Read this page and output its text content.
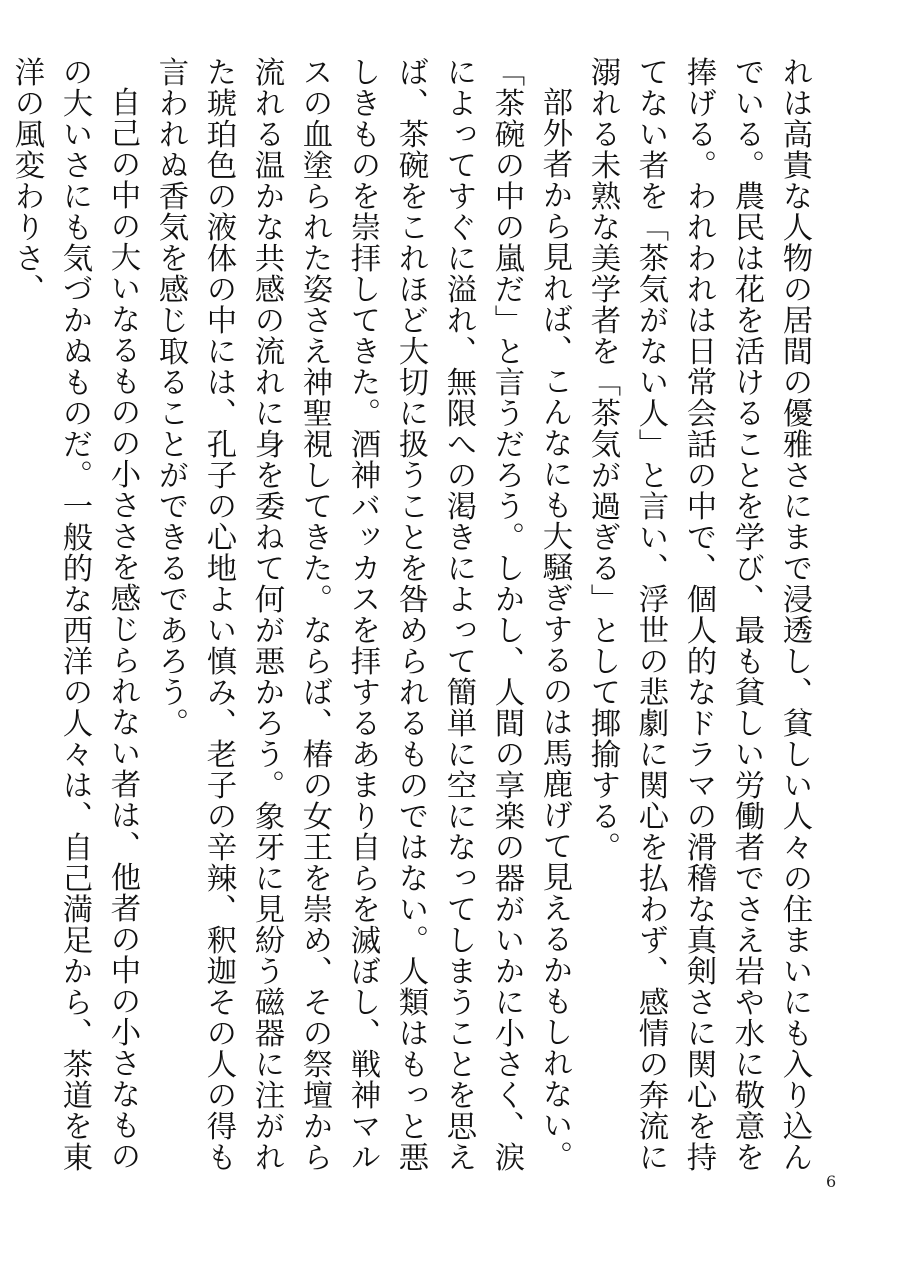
れは高貴な人物の居間の優雅さにまで浸透し、貧しい人々の住まいにも入り込んでいる。農民は花を活けることを学び、最も貧しい労働者でさえ岩や水に敬意を捧げる。われわれは日常会話の中で、個人的なドラマの滑稽な真剣さに関心を持てない者を「茶気がない人」と言い、浮世の悲劇に関心を払わず、感情の奔流に溺れる未熟な美学者を「茶気が過ぎる」として揶揄する。

部外者から見れば、こんなにも大騒ぎするのは馬鹿げて見えるかもしれない。「茶碗の中の嵐だ」と言うだろう。しかし、人間の享楽の器がいかに小さく、涙によってすぐに溢れ、無限への渇きによって簡単に空になってしまうことを思えば、茶碗をこれほど大切に扱うことを咎められるものではない。人類はもっと悪しきものを崇拝してきた。酒神バッカスを拝するあまり自らを滅ぼし、戦神マルスの血塗られた姿さえ神聖視してきた。ならば、椿の女王を崇め、その祭壇から流れる温かな共感の流れに身を委ねて何が悪かろう。象牙に見紛う磁器に注がれた琥珀色の液体の中には、孔子の心地よい慎み、老子の辛辣、釈迦その人の得も言われぬ香気を感じ取ることができるであろう。

自己の中の大いなるものの小ささを感じられない者は、他者の中の小さなものの大いさにも気づかぬものだ。一般的な西洋の人々は、自己満足から、茶道を東洋の風変わりさ、

6
